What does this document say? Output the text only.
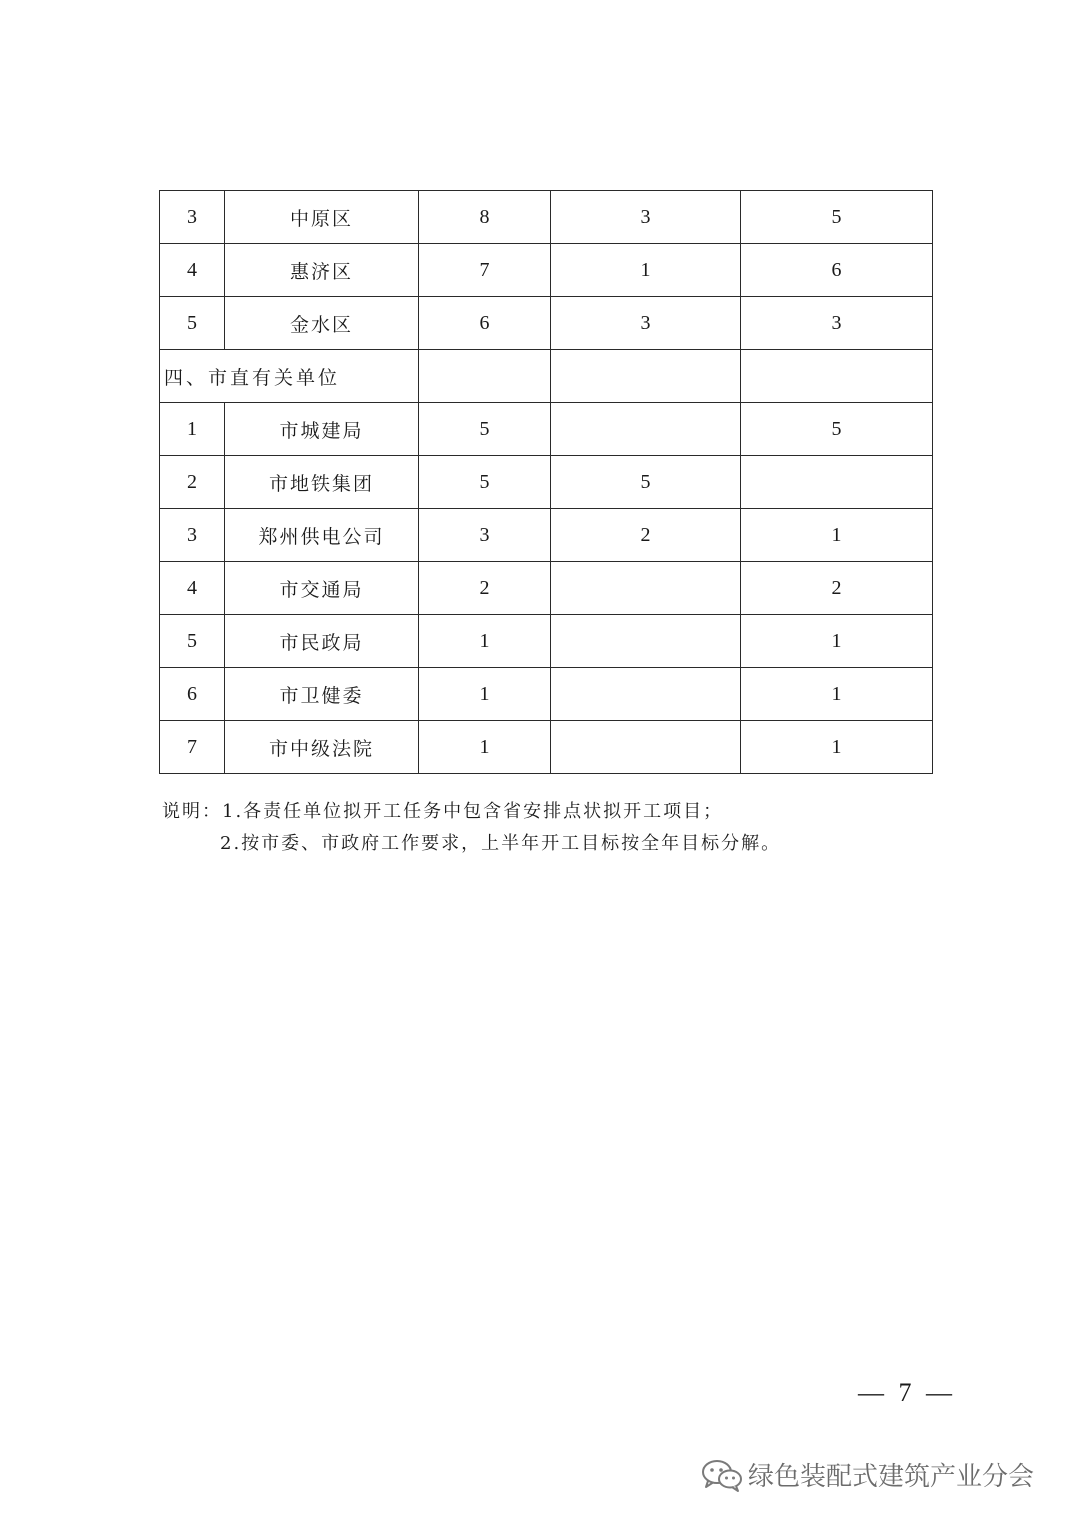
3	中原区	8	3	5
4	惠济区	7	1	6
5	金水区	6	3	3
四、市直有关单位				
1	市城建局	5		5
2	市地铁集团	5	5	
3	郑州供电公司	3	2	1
4	市交通局	2		2
5	市民政局	1		1
6	市卫健委	1		1
7	市中级法院	1		1
说明：1.各责任单位拟开工任务中包含省安排点状拟开工项目；
2.按市委、市政府工作要求，上半年开工目标按全年目标分解。
— 7 —
绿色装配式建筑产业分会
